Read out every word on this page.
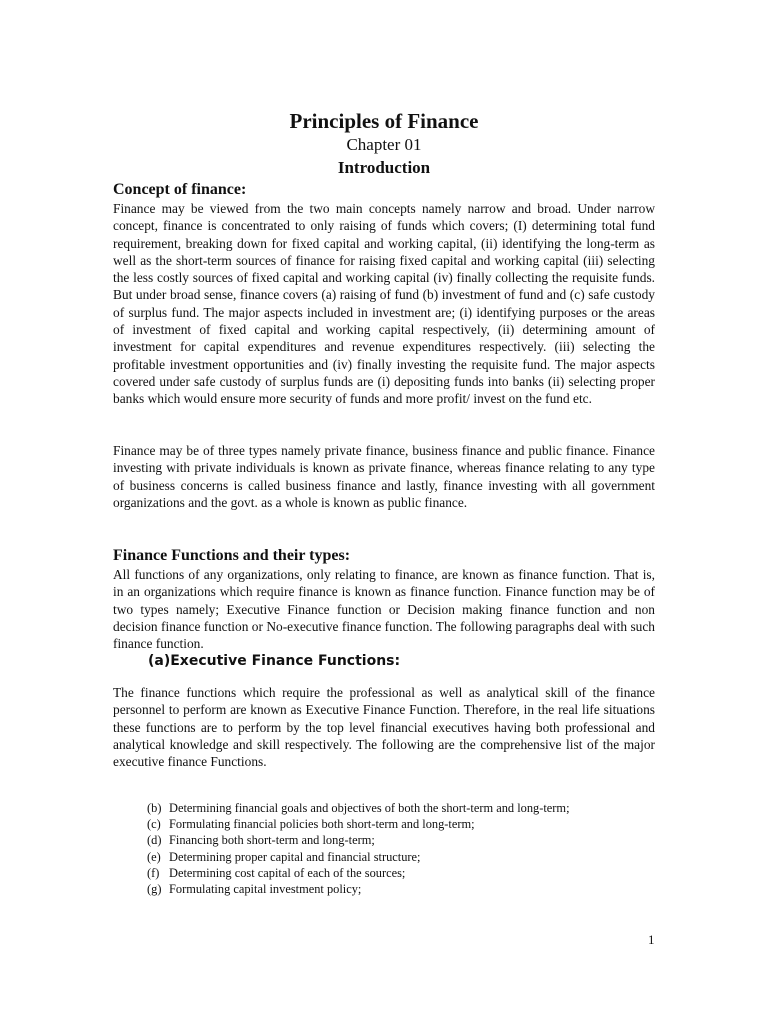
Principles of Finance
Chapter 01
Introduction
Concept of finance:

Finance may be viewed from the two main concepts namely narrow and broad. Under narrow concept, finance is concentrated to only raising of funds which covers; (I) determining total fund requirement, breaking down for fixed capital and working capital, (ii) identifying the long-term as well as the short-term sources of finance for raising fixed capital and working capital (iii) selecting the less costly sources of fixed capital and working capital (iv) finally collecting the requisite funds. But under broad sense, finance covers (a) raising of fund (b) investment of fund and (c) safe custody of surplus fund. The major aspects included in investment are; (i) identifying purposes or the areas of investment of fixed capital and working capital respectively, (ii) determining amount of investment for capital expenditures and revenue expenditures respectively. (iii) selecting the profitable investment opportunities and (iv) finally investing the requisite fund. The major aspects covered under safe custody of surplus funds are (i) depositing funds into banks (ii) selecting proper banks which would ensure more security of funds and more profit/ invest on the fund etc.

Finance may be of three types namely private finance, business finance and public finance. Finance investing with private individuals is known as private finance, whereas finance relating to any type of business concerns is called business finance and lastly, finance investing with all government organizations and the govt. as a whole is known as public finance.

Finance Functions and their types:

All functions of any organizations, only relating to finance, are known as finance function. That is, in an organizations which require finance is known as finance function. Finance function may be of two types namely; Executive Finance function or Decision making finance function and non decision finance function or No-executive finance function. The following paragraphs deal with such finance function.

(a)Executive Finance Functions:

The finance functions which require the professional as well as analytical skill of the finance personnel to perform are known as Executive Finance Function. Therefore, in the real life situations these functions are to perform by the top level financial executives having both professional and analytical knowledge and skill respectively. The following are the comprehensive list of the major executive finance Functions.

(b) Determining financial goals and objectives of both the short-term and long-term;
(c) Formulating financial policies both short-term and long-term;
(d) Financing both short-term and long-term;
(e) Determining proper capital and financial structure;
(f) Determining cost capital of each of the sources;
(g) Formulating capital investment policy;
1
